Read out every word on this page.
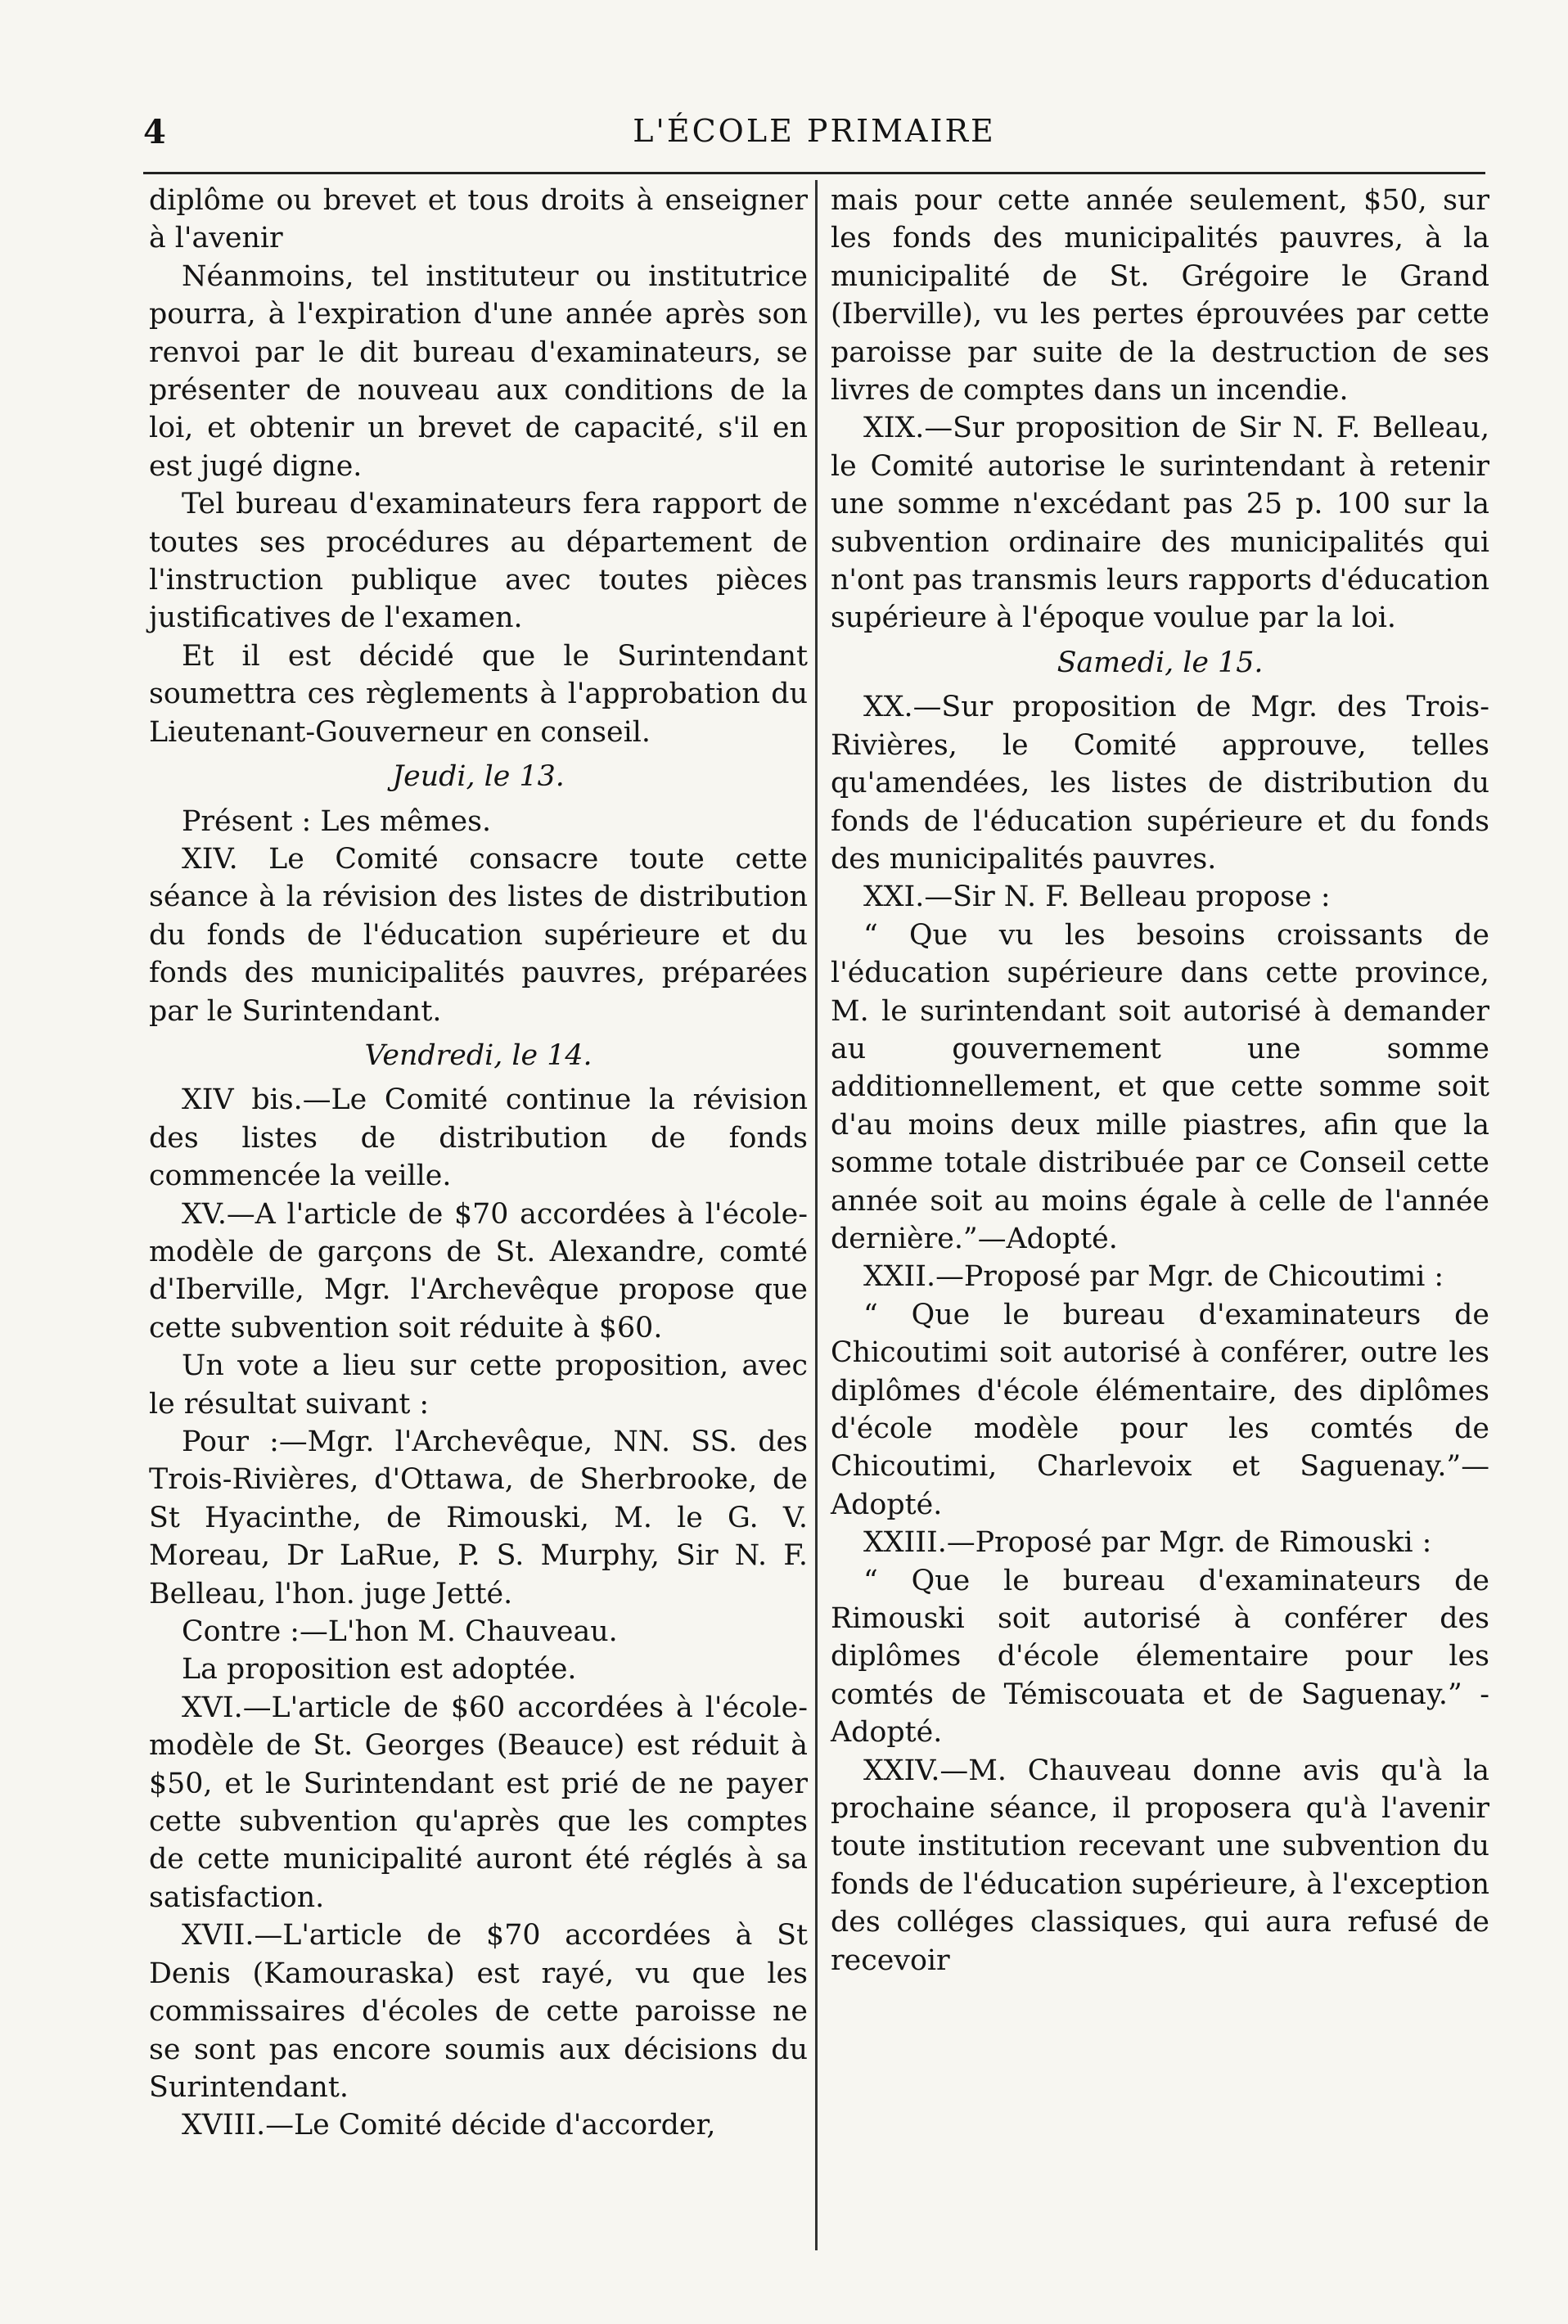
4	L'ÉCOLE PRIMAIRE

diplôme ou brevet et tous droits à enseigner à l'avenir

Néanmoins, tel instituteur ou institutrice pourra, à l'expiration d'une année après son renvoi par le dit bureau d'examinateurs, se présenter de nouveau aux conditions de la loi, et obtenir un brevet de capacité, s'il en est jugé digne.

Tel bureau d'examinateurs fera rapport de toutes ses procédures au département de l'instruction publique avec toutes pièces justificatives de l'examen.

Et il est décidé que le Surintendant soumettra ces règlements à l'approbation du Lieutenant-Gouverneur en conseil.

Jeudi, le 13.

Présent : Les mêmes.

XIV. Le Comité consacre toute cette séance à la révision des listes de distribution du fonds de l'éducation supérieure et du fonds des municipalités pauvres, préparées par le Surintendant.

Vendredi, le 14.

XIV bis.—Le Comité continue la révision des listes de distribution de fonds commencée la veille.

XV.—A l'article de $70 accordées à l'école-modèle de garçons de St. Alexandre, comté d'Iberville, Mgr. l'Archevêque propose que cette subvention soit réduite à $60.

Un vote a lieu sur cette proposition, avec le résultat suivant :

Pour :—Mgr. l'Archevêque, NN. SS. des Trois-Rivières, d'Ottawa, de Sherbrooke, de St Hyacinthe, de Rimouski, M. le G. V. Moreau, Dr LaRue, P. S. Murphy, Sir N. F. Belleau, l'hon. juge Jetté.

Contre :—L'hon M. Chauveau.

La proposition est adoptée.

XVI.—L'article de $60 accordées à l'école-modèle de St. Georges (Beauce) est réduit à $50, et le Surintendant est prié de ne payer cette subvention qu'après que les comptes de cette municipalité auront été réglés à sa satisfaction.

XVII.—L'article de $70 accordées à St Denis (Kamouraska) est rayé, vu que les commissaires d'écoles de cette paroisse ne se sont pas encore soumis aux décisions du Surintendant.

XVIII.—Le Comité décide d'accorder,

mais pour cette année seulement, $50, sur les fonds des municipalités pauvres, à la municipalité de St. Grégoire le Grand (Iberville), vu les pertes éprouvées par cette paroisse par suite de la destruction de ses livres de comptes dans un incendie.

XIX.—Sur proposition de Sir N. F. Belleau, le Comité autorise le surintendant à retenir une somme n'excédant pas 25 p. 100 sur la subvention ordinaire des municipalités qui n'ont pas transmis leurs rapports d'éducation supérieure à l'époque voulue par la loi.

Samedi, le 15.

XX.—Sur proposition de Mgr. des Trois-Rivières, le Comité approuve, telles qu'amendées, les listes de distribution du fonds de l'éducation supérieure et du fonds des municipalités pauvres.

XXI.—Sir N. F. Belleau propose :

“ Que vu les besoins croissants de l'éducation supérieure dans cette province, M. le surintendant soit autorisé à demander au gouvernement une somme additionnellement, et que cette somme soit d'au moins deux mille piastres, afin que la somme totale distribuée par ce Conseil cette année soit au moins égale à celle de l'année dernière.”—Adopté.

XXII.—Proposé par Mgr. de Chicoutimi :

“ Que le bureau d'examinateurs de Chicoutimi soit autorisé à conférer, outre les diplômes d'école élémentaire, des diplômes d'école modèle pour les comtés de Chicoutimi, Charlevoix et Saguenay.”—Adopté.

XXIII.—Proposé par Mgr. de Rimouski :

“ Que le bureau d'examinateurs de Rimouski soit autorisé à conférer des diplômes d'école élementaire pour les comtés de Témiscouata et de Saguenay.” - Adopté.

XXIV.—M. Chauveau donne avis qu'à la prochaine séance, il proposera qu'à l'avenir toute institution recevant une subvention du fonds de l'éducation supérieure, à l'exception des colléges classiques, qui aura refusé de recevoir
